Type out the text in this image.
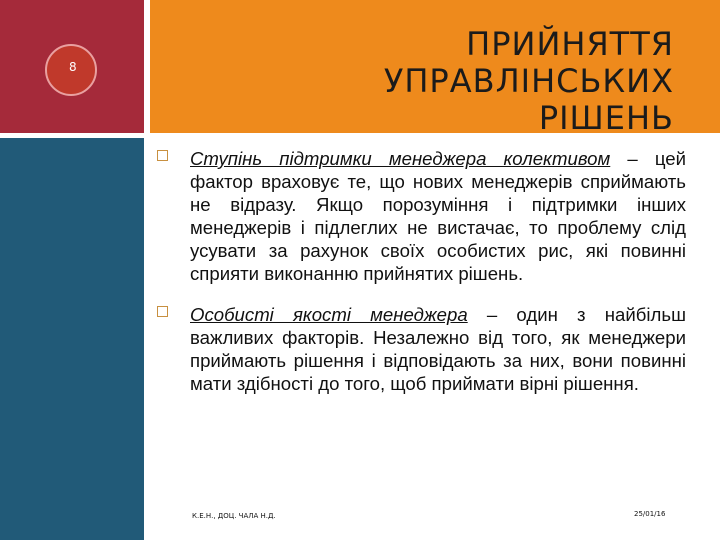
8
ПРИЙНЯТТЯ
УПРАВЛІНСЬКИХ
РІШЕНЬ
Ступінь підтримки менеджера колективом – цей фактор враховує те, що нових менеджерів сприймають не відразу. Якщо порозуміння і підтримки інших менеджерів і підлеглих не вистачає, то проблему слід усувати за рахунок своїх особистих рис, які повинні сприяти виконанню прийнятих рішень.
Особисті якості менеджера – один з найбільш важливих факторів. Незалежно від того, як менеджери приймають рішення і відповідають за них, вони повинні мати здібності до того, щоб приймати вірні рішення.
К.Е.Н., ДОЦ. ЧАЛА Н.Д.	25/01/16
